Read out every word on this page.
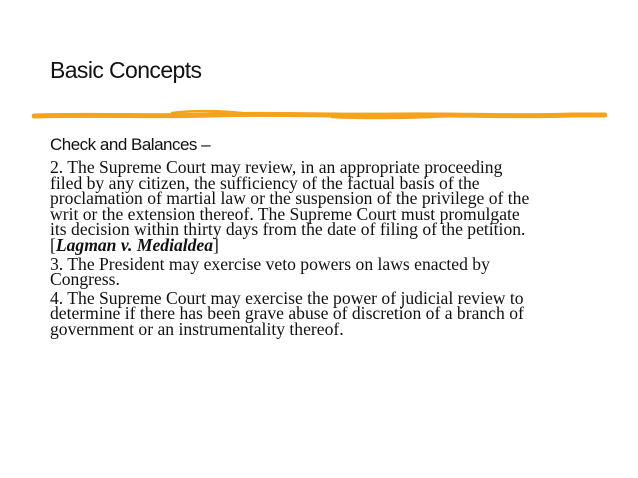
Basic Concepts

Check and Balances –

2. The Supreme Court may review, in an appropriate proceeding filed by any citizen, the sufficiency of the factual basis of the proclamation of martial law or the suspension of the privilege of the writ or the extension thereof. The Supreme Court must promulgate its decision within thirty days from the date of filing of the petition. [Lagman v. Medialdea]

3. The President may exercise veto powers on laws enacted by Congress.

4. The Supreme Court may exercise the power of judicial review to determine if there has been grave abuse of discretion of a branch of government or an instrumentality thereof.
